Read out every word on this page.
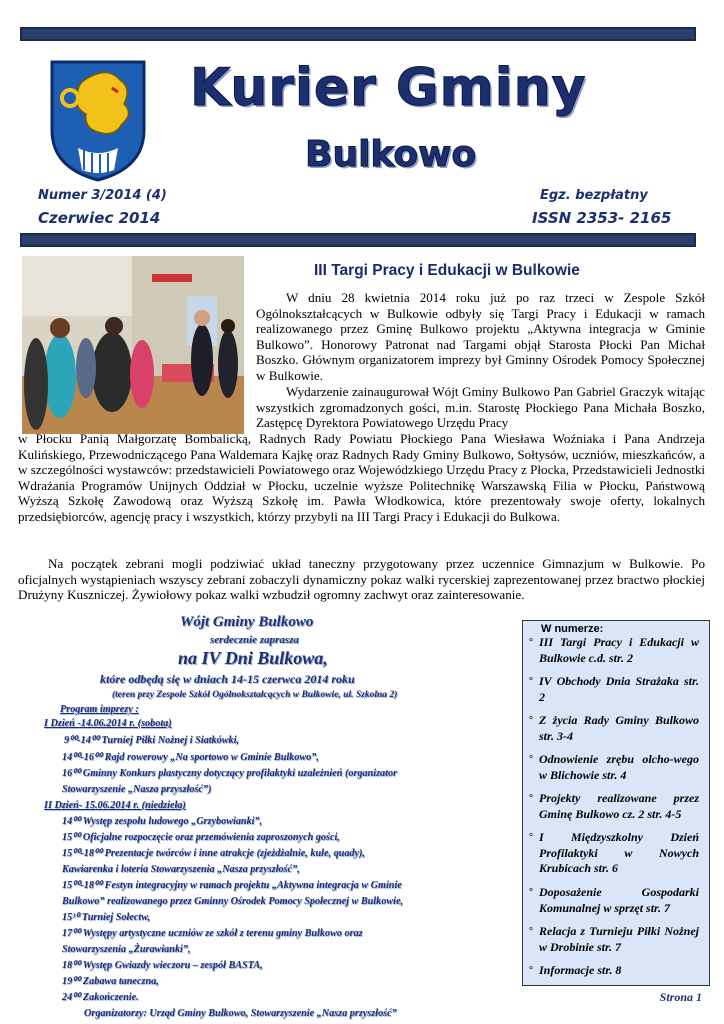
Kurier Gminy
Bulkowo
Numer 3/2014 (4)	Egz. bezpłatny
Czerwiec 2014	ISSN 2353- 2165
III Targi Pracy i Edukacji w Bulkowie
W dniu 28 kwietnia 2014 roku już po raz trzeci w Zespole Szkół Ogólnokształcących w Bulkowie odbyły się Targi Pracy i Edukacji w ramach realizowanego przez Gminę Bulkowo projektu „Aktywna integracja w Gminie Bulkowo”. Honorowy Patronat nad Targami objął Starosta Płocki Pan Michał Boszko. Głównym organizatorem imprezy był Gminny Ośrodek Pomocy Społecznej w Bulkowie.
Wydarzenie zainaugurował Wójt Gminy Bulkowo Pan Gabriel Graczyk witając wszystkich zgromadzonych gości, m.in. Starostę Płockiego Pana Michała Boszko, Zastępcę Dyrektora Powiatowego Urzędu Pracy
w Płocku Panią Małgorzatę Bombalicką, Radnych Rady Powiatu Płockiego Pana Wiesława Woźniaka i Pana Andrzeja Kulińskiego, Przewodniczącego Pana Waldemara Kajkę oraz Radnych Rady Gminy Bulkowo, Sołtysów, uczniów, mieszkańców, a w szczególności wystawców: przedstawicieli Powiatowego oraz Wojewódzkiego Urzędu Pracy z Płocka, Przedstawicieli Jednostki Wdrażania Programów Unijnych Oddział w Płocku, uczelnie wyższe Politechnikę Warszawską Filia w Płocku, Państwową Wyższą Szkołę Zawodową oraz Wyższą Szkołę im. Pawła Włodkowica, które prezentowały swoje oferty, lokalnych przedsiębiorców, agencję pracy i wszystkich, którzy przybyli na III Targi Pracy i Edukacji do Bulkowa.
Na początek zebrani mogli podziwiać układ taneczny przygotowany przez uczennice Gimnazjum w Bulkowie. Po oficjalnych wystąpieniach wszyscy zebrani zobaczyli dynamiczny pokaz walki rycerskiej zaprezentowanej przez bractwo płockiej Drużyny Kuszniczej. Żywiołowy pokaz walki wzbudził ogromny zachwyt oraz zainteresowanie.
Wójt Gminy Bulkowo
serdecznie zaprasza
na IV Dni Bulkowa,
które odbędą się w dniach 14-15 czerwca 2014 roku
(teren przy Zespole Szkół Ogólnokształcących w Bulkowie, ul. Szkolna 2)
Program imprezy :
I Dzień -14.06.2014 r. (sobota)
9⁰⁰-14⁰⁰ Turniej Piłki Nożnej i Siatkówki,
14⁰⁰-16⁰⁰ Rajd rowerowy „Na sportowo w Gminie Bulkowo”,
16⁰⁰ Gminny Konkurs plastyczny dotyczący profilaktyki uzależnień (organizator
Stowarzyszenie „Nasza przyszłość”)
II Dzień- 15.06.2014 r. (niedziela)
14⁰⁰ Występ zespołu ludowego „Grzybowianki”,
15⁰⁰ Oficjalne rozpoczęcie oraz przemówienia zaproszonych gości,
15⁰⁰-18⁰⁰ Prezentacje twórców i inne atrakcje (zjeżdżalnie, kule, quady),
Kawiarenka i loteria Stowarzyszenia „Nasza przyszłość”,
15⁰⁰-18⁰⁰ Festyn integracyjny w ramach projektu „Aktywna integracja w Gminie
Bulkowo” realizowanego przez Gminny Ośrodek Pomocy Społecznej w Bulkowie,
15³⁰ Turniej Sołectw,
17⁰⁰ Występy artystyczne uczniów ze szkół z terenu gminy Bulkowo oraz
Stowarzyszenia „Żurawianki”,
18⁰⁰ Występ Gwiazdy wieczoru – zespół BASTA,
19⁰⁰ Zabawa taneczna,
24⁰⁰ Zakończenie.
Organizatorzy: Urząd Gminy Bulkowo, Stowarzyszenie „Nasza przyszłość”
W numerze:
° III Targi Pracy i Edukacji w Bulkowie c.d. str. 2
° IV Obchody Dnia Strażaka str. 2
° Z życia Rady Gminy Bulkowo str. 3-4
° Odnowienie zrębu olcho-wego w Blichowie str. 4
° Projekty realizowane przez Gminę Bulkowo cz. 2 str. 4-5
° I Międzyszkolny Dzień Profilaktyki w Nowych Krubicach str. 6
° Doposażenie Gospodarki Komunalnej w sprzęt str. 7
° Relacja z Turnieju Piłki Nożnej w Drobinie str. 7
° Informacje str. 8
Strona 1
